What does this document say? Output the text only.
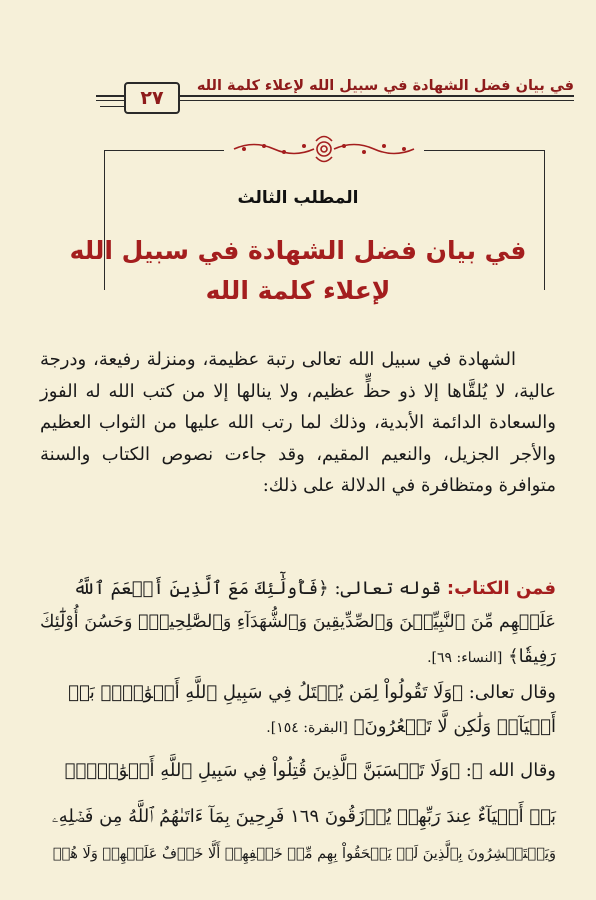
في بيان فضل الشهادة في سبيل الله لإعلاء كلمة الله
٢٧
المطلب الثالث
في بيان فضل الشهادة في سبيل الله
لإعلاء كلمة الله
الشهادة في سبيل الله تعالى رتبة عظيمة، ومنزلة رفيعة، ودرجة عالية، لا يُلقَّاها إلا ذو حظٍّ عظيم، ولا ينالها إلا من كتب الله له الفوز والسعادة الدائمة الأبدية، وذلك لما رتب الله عليها من الثواب العظيم والأجر الجزيل، والنعيم المقيم، وقد جاءت نصوص الكتاب والسنة متوافرة ومتظافرة في الدلالة على ذلك:
فمن الكتاب: قوله تعالى: ﴿فَأُولَٰٓئِكَ مَعَ ٱلَّذِينَ أَنۡعَمَ ٱللَّهُ
عَلَيۡهِم مِّنَ ٱلنَّبِيِّـۧنَ وَٱلصِّدِّيقِينَ وَٱلشُّهَدَآءِ وَٱلصَّٰلِحِينَۚ وَحَسُنَ أُوْلَٰٓئِكَ
رَفِيقٗا﴾ [النساء: ٦٩].
وقال تعالى: ﴿وَلَا تَقُولُواْ لِمَن يُقۡتَلُ فِي سَبِيلِ ٱللَّهِ أَمۡوَٰتُۢۚ بَلۡ
أَحۡيَآءٞ وَلَٰكِن لَّا تَشۡعُرُونَ﴾ [البقرة: ١٥٤].
وقال الله ﷻ: ﴿وَلَا تَحۡسَبَنَّ ٱلَّذِينَ قُتِلُواْ فِي سَبِيلِ ٱللَّهِ أَمۡوَٰتَۢاۚ
بَلۡ أَحۡيَآءٌ عِندَ رَبِّهِمۡ يُرۡزَقُونَ ١٦٩ فَرِحِينَ بِمَآ ءَاتَىٰهُمُ ٱللَّهُ مِن فَضۡلِهِۦ
وَيَسۡتَبۡشِرُونَ بِٱلَّذِينَ لَمۡ يَلۡحَقُواْ بِهِم مِّنۡ خَلۡفِهِمۡ أَلَّا خَوۡفٌ عَلَيۡهِمۡ وَلَا هُمۡ
